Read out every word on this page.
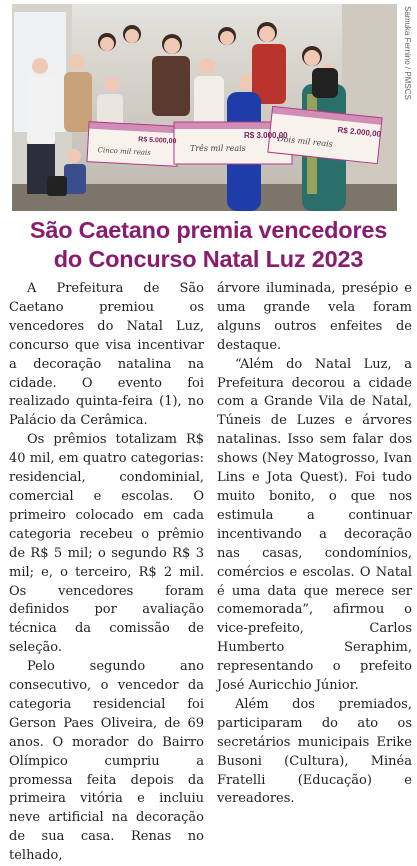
R$ 5.000,00
Cinco mil reais
R$ 3.000,00
Três mil reais
R$ 2.000,00
Dois mil reais
Samuka Fernino / PMSCS
São Caetano premia vencedores
do Concurso Natal Luz 2023

A Prefeitura de São Caetano premiou os vencedores do Natal Luz, concurso que visa incentivar a decoração natalina na cidade. O evento foi realizado quinta-feira (1), no Palácio da Cerâmica.

Os prêmios totalizam R$ 40 mil, em quatro categorias: residencial, condominial, comercial e escolas. O primeiro colocado em cada categoria recebeu o prêmio de R$ 5 mil; o segundo R$ 3 mil; e, o terceiro, R$ 2 mil. Os vencedores foram definidos por avaliação técnica da comissão de seleção.

Pelo segundo ano consecutivo, o vencedor da categoria residencial foi Gerson Paes Oliveira, de 69 anos. O morador do Bairro Olímpico cumpriu a promessa feita depois da primeira vitória e incluiu neve artificial na decoração de sua casa. Renas no telhado,

árvore iluminada, presépio e uma grande vela foram alguns outros enfeites de destaque.

“Além do Natal Luz, a Prefeitura decorou a cidade com a Grande Vila de Natal, Túneis de Luzes e árvores natalinas. Isso sem falar dos shows (Ney Matogrosso, Ivan Lins e Jota Quest). Foi tudo muito bonito, o que nos estimula a continuar incentivando a decoração nas casas, condomínios, comércios e escolas. O Natal é uma data que merece ser comemorada”, afirmou o vice-prefeito, Carlos Humberto Seraphim, representando o prefeito José Auricchio Júnior.

Além dos premiados, participaram do ato os secretários municipais Erike Busoni (Cultura), Minéa Fratelli (Educação) e vereadores.
